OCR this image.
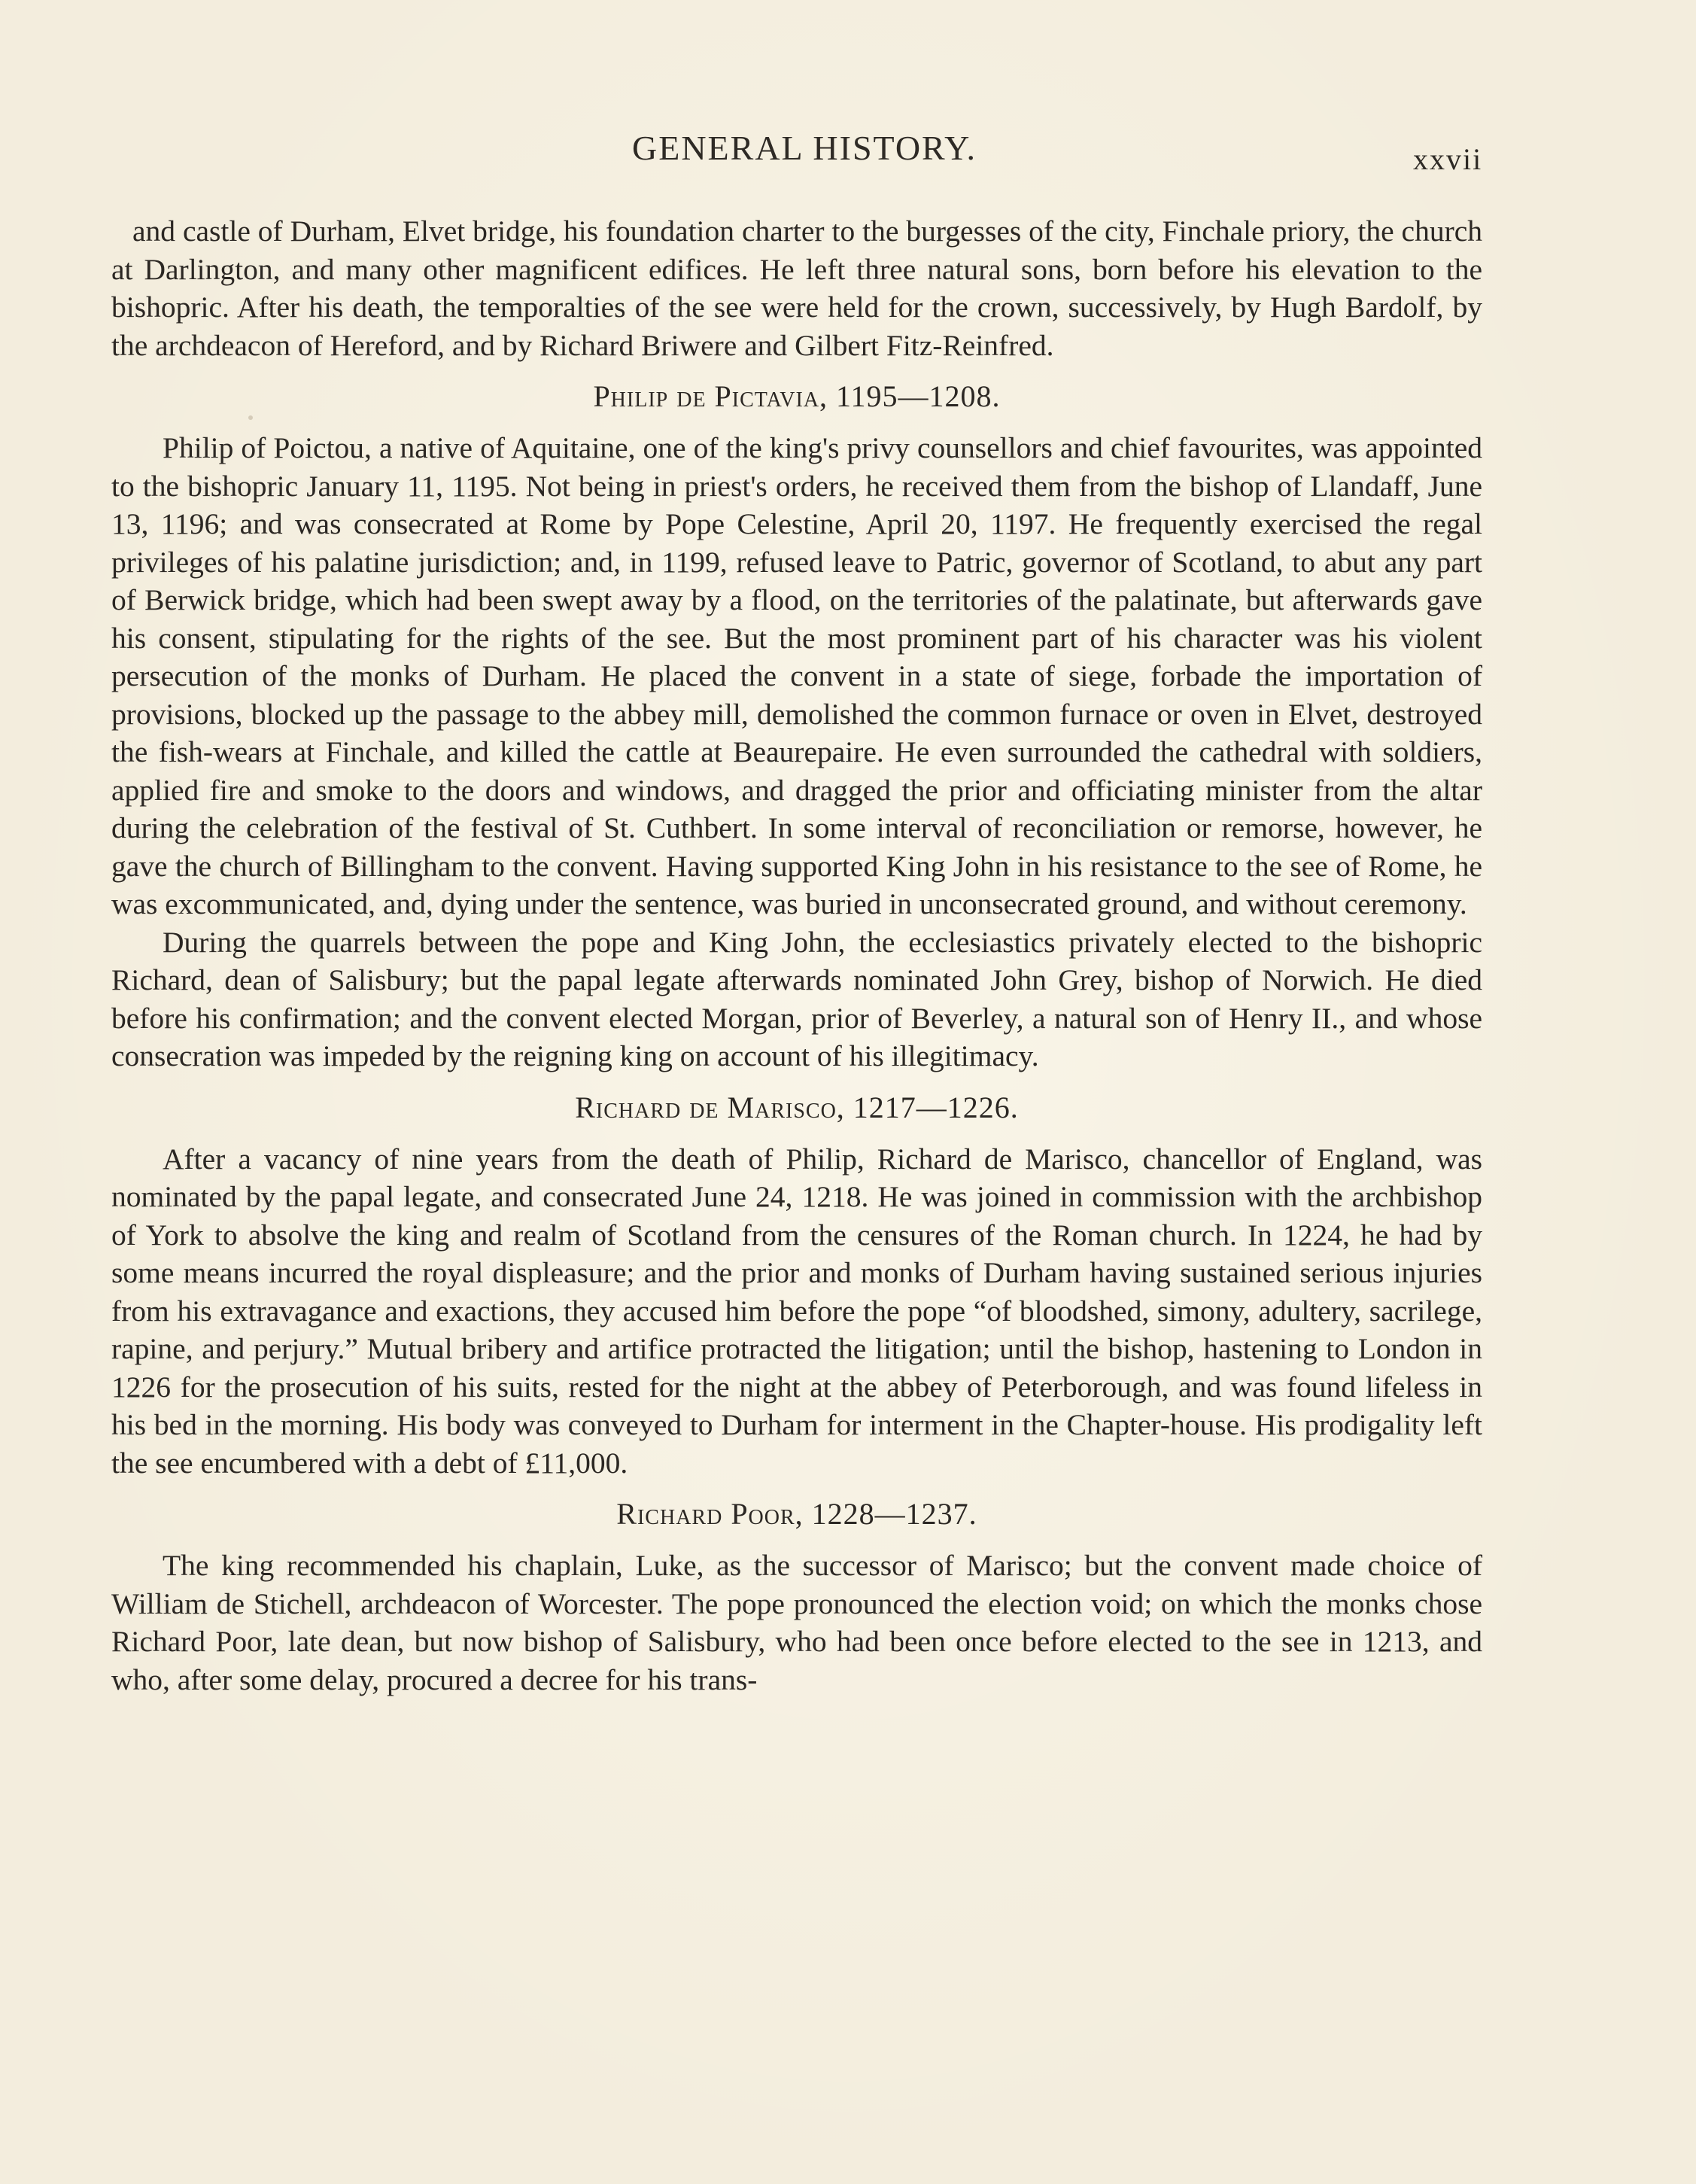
GENERAL HISTORY.	xxvii

and castle of Durham, Elvet bridge, his foundation charter to the burgesses of the city, Finchale priory, the church at Darlington, and many other magnificent edifices. He left three natural sons, born before his elevation to the bishopric. After his death, the temporalties of the see were held for the crown, successively, by Hugh Bardolf, by the archdeacon of Hereford, and by Richard Briwere and Gilbert Fitz-Reinfred.

Philip de Pictavia, 1195—1208.

Philip of Poictou, a native of Aquitaine, one of the king's privy counsellors and chief favourites, was appointed to the bishopric January 11, 1195. Not being in priest's orders, he received them from the bishop of Llandaff, June 13, 1196; and was consecrated at Rome by Pope Celestine, April 20, 1197. He frequently exercised the regal privileges of his palatine jurisdiction; and, in 1199, refused leave to Patric, governor of Scotland, to abut any part of Berwick bridge, which had been swept away by a flood, on the territories of the palatinate, but afterwards gave his consent, stipulating for the rights of the see. But the most prominent part of his character was his violent persecution of the monks of Durham. He placed the convent in a state of siege, forbade the importation of provisions, blocked up the passage to the abbey mill, demolished the common furnace or oven in Elvet, destroyed the fish-wears at Finchale, and killed the cattle at Beaurepaire. He even surrounded the cathedral with soldiers, applied fire and smoke to the doors and windows, and dragged the prior and officiating minister from the altar during the celebration of the festival of St. Cuthbert. In some interval of reconciliation or remorse, however, he gave the church of Billingham to the convent. Having supported King John in his resistance to the see of Rome, he was excommunicated, and, dying under the sentence, was buried in unconsecrated ground, and without ceremony.

During the quarrels between the pope and King John, the ecclesiastics privately elected to the bishopric Richard, dean of Salisbury; but the papal legate afterwards nominated John Grey, bishop of Norwich. He died before his confirmation; and the convent elected Morgan, prior of Beverley, a natural son of Henry II., and whose consecration was impeded by the reigning king on account of his illegitimacy.

Richard de Marisco, 1217—1226.

After a vacancy of nine years from the death of Philip, Richard de Marisco, chancellor of England, was nominated by the papal legate, and consecrated June 24, 1218. He was joined in commission with the archbishop of York to absolve the king and realm of Scotland from the censures of the Roman church. In 1224, he had by some means incurred the royal displeasure; and the prior and monks of Durham having sustained serious injuries from his extravagance and exactions, they accused him before the pope “of bloodshed, simony, adultery, sacrilege, rapine, and perjury.” Mutual bribery and artifice protracted the litigation; until the bishop, hastening to London in 1226 for the prosecution of his suits, rested for the night at the abbey of Peterborough, and was found lifeless in his bed in the morning. His body was conveyed to Durham for interment in the Chapter-house. His prodigality left the see encumbered with a debt of £11,000.

Richard Poor, 1228—1237.

The king recommended his chaplain, Luke, as the successor of Marisco; but the convent made choice of William de Stichell, archdeacon of Worcester. The pope pronounced the election void; on which the monks chose Richard Poor, late dean, but now bishop of Salisbury, who had been once before elected to the see in 1213, and who, after some delay, procured a decree for his trans-
